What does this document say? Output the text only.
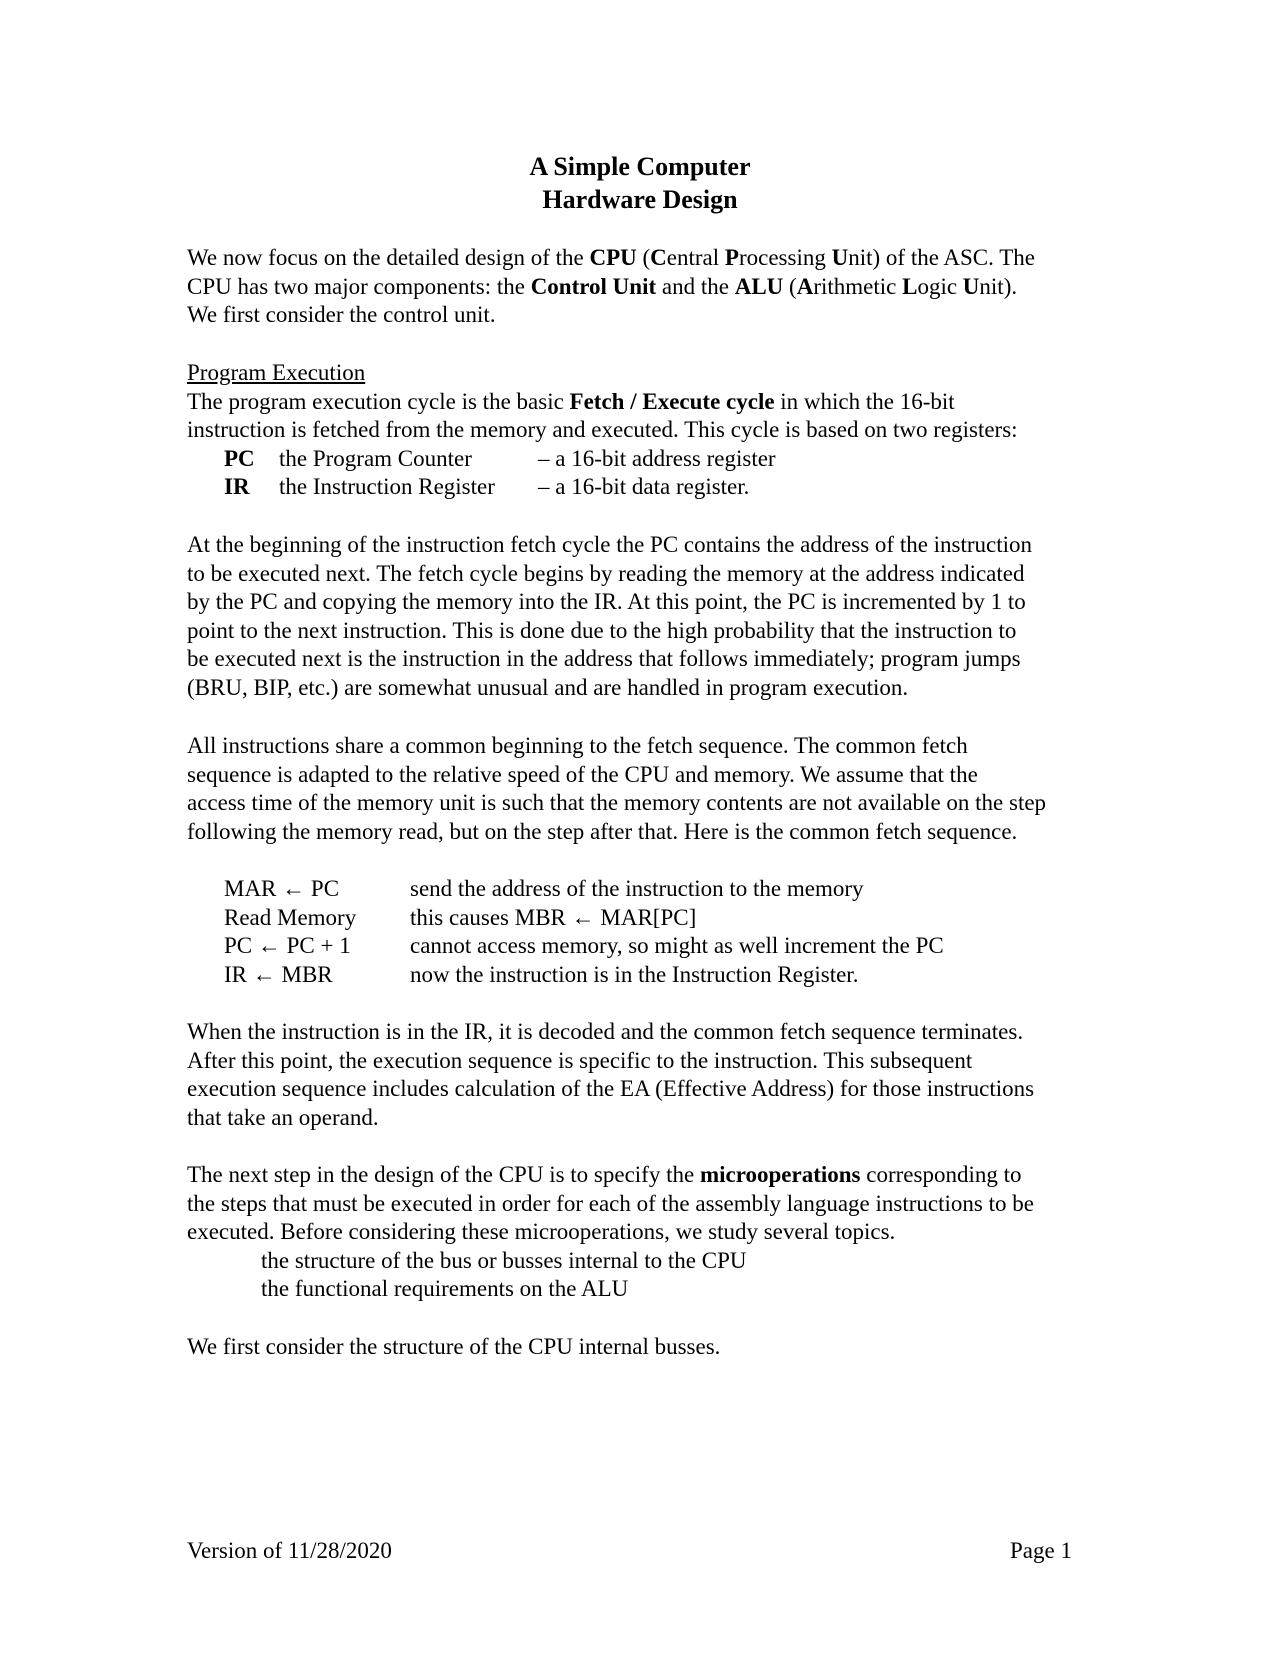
A Simple Computer
Hardware Design
We now focus on the detailed design of the CPU (Central Processing Unit) of the ASC. The
CPU has two major components: the Control Unit and the ALU (Arithmetic Logic Unit).
We first consider the control unit.
Program Execution
The program execution cycle is the basic Fetch / Execute cycle in which the 16-bit
instruction is fetched from the memory and executed. This cycle is based on two registers:
PC the Program Counter	– a 16-bit address register
IR the Instruction Register – a 16-bit data register.
At the beginning of the instruction fetch cycle the PC contains the address of the instruction
to be executed next. The fetch cycle begins by reading the memory at the address indicated
by the PC and copying the memory into the IR. At this point, the PC is incremented by 1 to
point to the next instruction. This is done due to the high probability that the instruction to
be executed next is the instruction in the address that follows immediately; program jumps
(BRU, BIP, etc.) are somewhat unusual and are handled in program execution.
All instructions share a common beginning to the fetch sequence. The common fetch
sequence is adapted to the relative speed of the CPU and memory. We assume that the
access time of the memory unit is such that the memory contents are not available on the step
following the memory read, but on the step after that. Here is the common fetch sequence.
MAR ← PC	send the address of the instruction to the memory
Read Memory this causes MBR ← MAR[PC]
PC ← PC + 1	cannot access memory, so might as well increment the PC
IR ← MBR	now the instruction is in the Instruction Register.
When the instruction is in the IR, it is decoded and the common fetch sequence terminates.
After this point, the execution sequence is specific to the instruction. This subsequent
execution sequence includes calculation of the EA (Effective Address) for those instructions
that take an operand.
The next step in the design of the CPU is to specify the microoperations corresponding to
the steps that must be executed in order for each of the assembly language instructions to be
executed. Before considering these microoperations, we study several topics.
the structure of the bus or busses internal to the CPU
the functional requirements on the ALU
We first consider the structure of the CPU internal busses.
Version of 11/28/2020	Page 1
